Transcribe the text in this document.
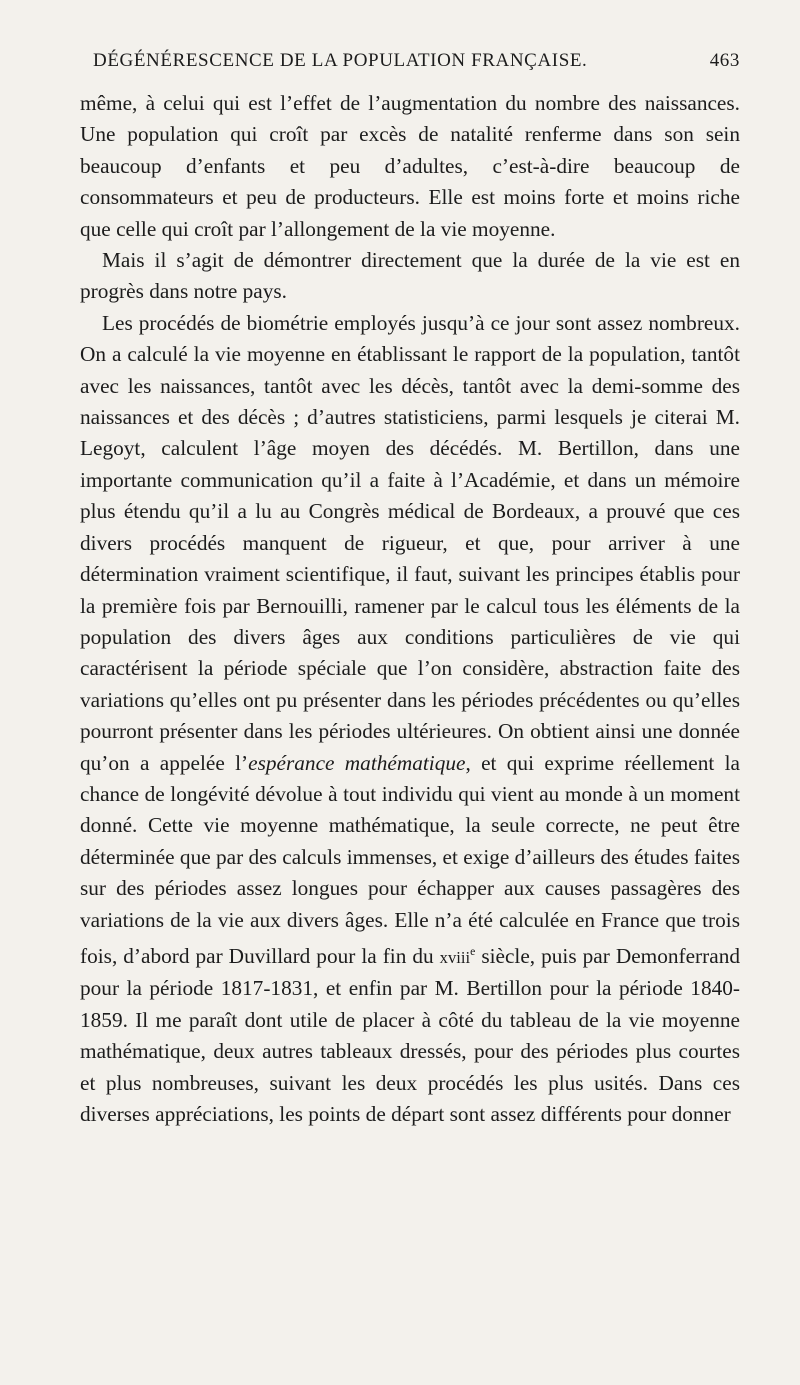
DÉGÉNÉRESCENCE DE LA POPULATION FRANÇAISE.	463

même, à celui qui est l’effet de l’augmentation du nombre des naissances. Une population qui croît par excès de natalité renferme dans son sein beaucoup d’enfants et peu d’adultes, c’est-à-dire beaucoup de consommateurs et peu de producteurs. Elle est moins forte et moins riche que celle qui croît par l’allongement de la vie moyenne.

Mais il s’agit de démontrer directement que la durée de la vie est en progrès dans notre pays.

Les procédés de biométrie employés jusqu’à ce jour sont assez nombreux. On a calculé la vie moyenne en établissant le rapport de la population, tantôt avec les naissances, tantôt avec les décès, tantôt avec la demi-somme des naissances et des décès ; d’autres statisticiens, parmi lesquels je citerai M. Legoyt, calculent l’âge moyen des décédés. M. Bertillon, dans une importante communication qu’il a faite à l’Académie, et dans un mémoire plus étendu qu’il a lu au Congrès médical de Bordeaux, a prouvé que ces divers procédés manquent de rigueur, et que, pour arriver à une détermination vraiment scientifique, il faut, suivant les principes établis pour la première fois par Bernouilli, ramener par le calcul tous les éléments de la population des divers âges aux conditions particulières de vie qui caractérisent la période spéciale que l’on considère, abstraction faite des variations qu’elles ont pu présenter dans les périodes précédentes ou qu’elles pourront présenter dans les périodes ultérieures. On obtient ainsi une donnée qu’on a appelée l’espérance mathématique, et qui exprime réellement la chance de longévité dévolue à tout individu qui vient au monde à un moment donné. Cette vie moyenne mathématique, la seule correcte, ne peut être déterminée que par des calculs immenses, et exige d’ailleurs des études faites sur des périodes assez longues pour échapper aux causes passagères des variations de la vie aux divers âges. Elle n’a été calculée en France que trois fois, d’abord par Duvillard pour la fin du xviii$^e$ siècle, puis par Demonferrand pour la période 1817-1831, et enfin par M. Bertillon pour la période 1840-1859. Il me paraît dont utile de placer à côté du tableau de la vie moyenne mathématique, deux autres tableaux dressés, pour des périodes plus courtes et plus nombreuses, suivant les deux procédés les plus usités. Dans ces diverses appréciations, les points de départ sont assez différents pour donner
